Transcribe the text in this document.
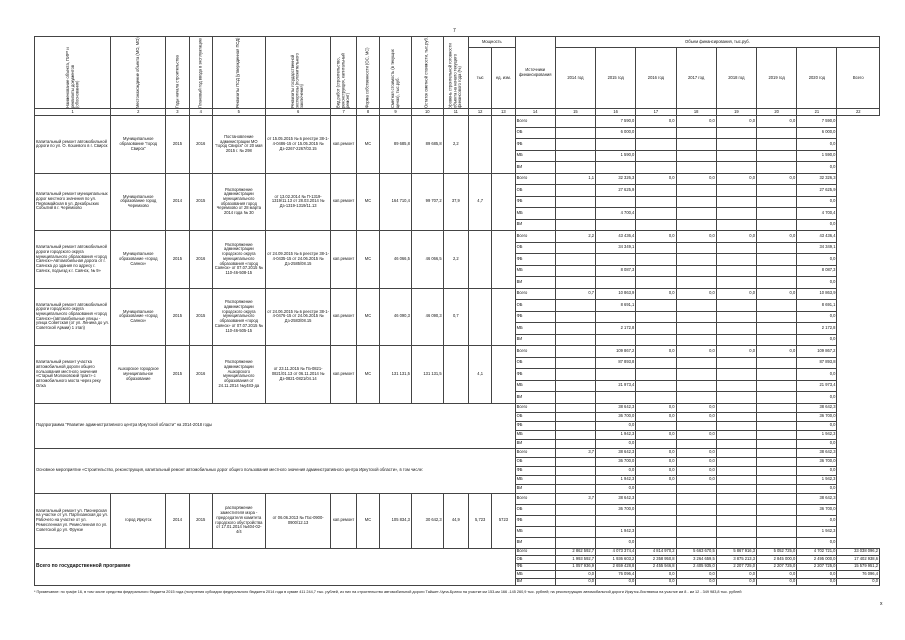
7
Наименование объекта, ПИР* и реквизиты документов (обоснования)	Местонахождение объекта (МО, МО)	Годы начала строительства	Плановый год ввода в эксплуатацию	Реквизиты ПСД (утвержденная ПСД)	Реквизиты государственной экспертизы (положительного заключения)	Вид работ (строительство, реконструкция, капитальный ремонт)	Форма собственности (ОС, МС)	Сметная стоимость (в текущих ценах), тыс.руб.	Остаток сметной стоимости, тыс.руб.	Уровень строительной готовности объекта на начало текущего финансового года (%)	Мощность		Источники финансирования	Объем финансирования, тыс.руб.							
											тыс	ед. изм.		2014 год	2015 год	2016 год	2017 год	2018 год	2019 год	2020 год	Всего
1	2	3	4	5	6	7	8	9	10	11	12	13	14	15	16	17	18	19	20	21	22
Капитальный ремонт автомобильной дороги по ул. О. Кошевого в г. Свирск	Муниципальное образование "город Свирск"	2015	2016	Постановление администрации МО "город Свирск" от 20 мая 2015 г. № 298	от 15.05.2015 № в реестре 38-1-4-0486-15 от 15.05.2015 № Дз-2267-2267/03.15	кап.ремонт	МС	89 685,8	89 685,8	2,2			Всего		7 590,0	0,0	0,0	0,0	0,0	7 590,0	
													ОБ		6 000,0					6 000,0	
													ФБ							0,0	
													МБ		1 590,0					1 590,0	
													ВИ							0,0	
Капитальный ремонт муниципальных дорог местного значения по ул. Первомайская в ул. Декабрьских Событий в г. Черемхово	Муниципальное образование город Черемхово	2014	2015	Распоряжение администрации муниципального образования город Черемхово от 28 марта 2014 года № 30	от 13.02.2014 № П-1319-1319/11.13 от 28.03.2014 № Дз-1319-1319/11.13	кап.ремонт	МС	164 710,4	99 707,2	37,9	4,7		Всего	1,1	32 326,3	0,0	0,0	0,0	0,0	32 326,3	
													ОБ		27 625,9					27 625,9	
													ФБ							0,0	
													МБ		4 700,4					4 700,4	
													ВИ							0,0	
Капитальный ремонт автомобильной дороги городского округа муниципального образования «город Саянск»-Автомобильная дорога от г. Саянска до здания по адресу г. Саянск, подъезд к г. Саянск, № 9»	Муниципальное образование «город Саянск»	2015	2016	Распоряжение администрации городского округа муниципального образования «город Саянск» от 07.07.2015 № 110-46-508-15	от 24.09.2015 № в реестре 38-1-4-0435-15 от 24.06.2015 № Дз-2585/08.15	кап.ремонт	МС	46 066,5	46 066,5	2,2			Всего	2,2	43 436,4	0,0	0,0	0,0	0,0	43 436,4	
													ОБ		34 349,1					34 349,1	
													ФБ							0,0	
													МБ		8 087,3					8 087,3	
													ВИ							0,0	
Капитальный ремонт автомобильной дороги городского округа муниципального образования «город Саянск»-(автомобильные улицы - улица Советская (от ул. Ленина до ул. Советской Армии) 1 этап)	Муниципальное образование «город Саянск»	2015	2015	Распоряжение администрации городского округа муниципального образования «город Саянск» от 07.07.2015 № 110-46-505-15	от 24.06.2015 № в реестре 38-1-4-0476-15 от 24.06.2015 № Дз-2583/08.15	кап.ремонт	МС	46 090,3	46 090,3	0,7			Всего	0,7	10 863,9	0,0	0,0	0,0	0,0	10 863,9	
													ОБ		8 691,1					8 691,1	
													ФБ							0,0	
													МБ		2 172,8					2 172,8	
													ВИ							0,0	
Капитальный ремонт участка автомобильной дороги общего пользования местного значения «Старый Молоковский тракт» с автомобильного моста через реку Олха	Ашхорское городское муниципальное образование	2015	2016	Распоряжение администрации Ашхорского муниципального образования от 24.11.2014 №у483-да	от 23.11.2015 № Пз-0821-0821/01.13 от 06.11.2014 № Дз-0821-0821/04.14	кап.ремонт	МС	131 131,5	131 131,5		4,1		Всего		109 867,2	0,0	0,0	0,0	0,0	109 867,2	
													ОБ		87 893,8					87 893,8	
													ФБ							0,0	
													МБ		21 973,4					21 973,4	
													ВИ							0,0	
Подпрограмма "Развитие административного центра Иркутской области" на 2014-2018 годы													Всего		38 642,3	0,0	0,0			38 642,3	
													ОБ		36 700,0	0,0	0,0			36 700,0	
													ФБ		0,0					0,0	
													МБ		1 942,3	0,0	0,0			1 942,3	
													ВИ		0,0					0,0	
Основное мероприятие «Строительство, реконструкция, капитальный ремонт автомобильных дорог общего пользования местного значения административного центра Иркутской области», в том числе:													Всего	3,7	38 642,3	0,0	0,0			38 642,3	
													ОБ		36 700,0	0,0	0,0			36 700,0	
													ФБ		0,0	0,0	0,0			0,0	
													МБ		1 942,3	0,0	0,0			1 942,3	
													ВИ		0,0					0,0	
Капитальный ремонт ул. Пионерская на участке от ул. Партизанская до ул. Рабочего на участке от ул. Ремесленная ул. Ремесленная по ул. Советской до ул. Фрунзе	город Иркутск	2014	2015	распоряжение заместителя мэра - председателя комитета городского обустройства от 17.01.2014 №404-02-4/4	от 06.06.2013 № Пзс-0900-0900/12.13	кап.ремонт	МС	105 834,3	30 642,3	44,9	5,723	5723	Всего	3,7	38 642,3					38 642,3	
													ОБ		36 700,0					36 700,0	
													ФБ							0,0	
													МБ		1 942,3					1 942,3	
													ВИ		0,0					0,0	
Всего по государственной программе													Всего	2 862 592,7	4 073 374,4	4 814 970,2	5 663 670,5	5 867 916,3	5 052 725,0	4 702 721,0	33 038 096,2
													ОБ	1 993 592,7	1 936 603,2	2 358 950,8	3 264 659,5	3 875 213,3	2 845 000,0	2 495 000,0	17 402 938,6
													ФБ	1 057 936,9	2 659 428,8	2 455 946,8	2 405 935,0	2 207 725,0	2 207 725,0	2 207 725,0	15 579 951,2
													МБ	0,0	76 096,4	0,0	0,0	0,0	0,0	0,0	76 096,4
													ВИ	0,0	0,0	0,0	0,0	0,0	0,0	0,0	0,0
* Примечание: по графе 16, в том числе средства федерального бюджета 2015 года (получения субсидии федерального бюджета 2014 года в сумме 411 244,7 тыс. рублей, из них на строительство автомобильной дороги Тайшет-Чуна-Братск на участке км 153-км 166 -145 260,9 тыс. рублей; на реконструкцию автомобильной дороги Иркутск-Листвянка на участке км 8 - км 12 - 349 983,8 тыс. рублей
x
